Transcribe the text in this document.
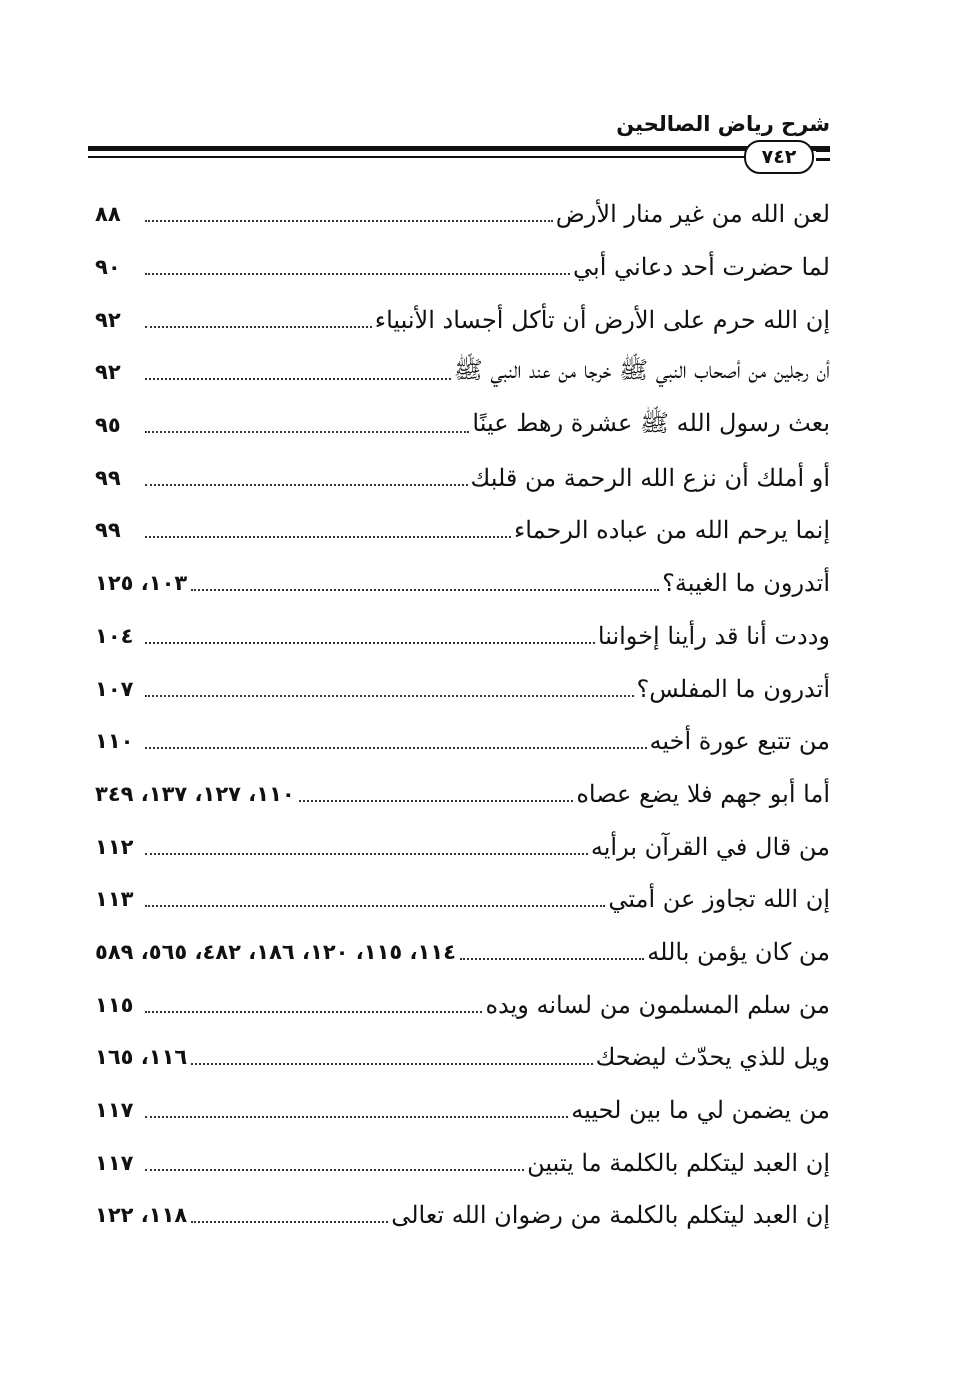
شرح رياض الصالحين
٧٤٢
لعن الله من غير منار الأرض
٨٨
لما حضرت أحد دعاني أبي
٩٠
إن الله حرم على الأرض أن تأكل أجساد الأنبياء
٩٢
أن رجلين من أصحاب النبي ﷺ خرجا من عند النبي ﷺ
٩٢
بعث رسول الله ﷺ عشرة رهط عينًا
٩٥
أو أملك أن نزع الله الرحمة من قلبك
٩٩
إنما يرحم الله من عباده الرحماء
٩٩
أتدرون ما الغيبة؟
١٠٣، ١٢٥
وددت أنا قد رأينا إخواننا
١٠٤
أتدرون ما المفلس؟
١٠٧
من تتبع عورة أخيه
١١٠
أما أبو جهم فلا يضع عصاه
١١٠، ١٢٧، ١٣٧، ٣٤٩
من قال في القرآن برأيه
١١٢
إن الله تجاوز عن أمتي
١١٣
من كان يؤمن بالله
١١٤، ١١٥، ١٢٠، ١٨٦، ٤٨٢، ٥٦٥، ٥٨٩
من سلم المسلمون من لسانه ويده
١١٥
ويل للذي يحدّث ليضحك
١١٦، ١٦٥
من يضمن لي ما بين لحييه
١١٧
إن العبد ليتكلم بالكلمة ما يتبين
١١٧
إن العبد ليتكلم بالكلمة من رضوان الله تعالى
١١٨، ١٢٢
